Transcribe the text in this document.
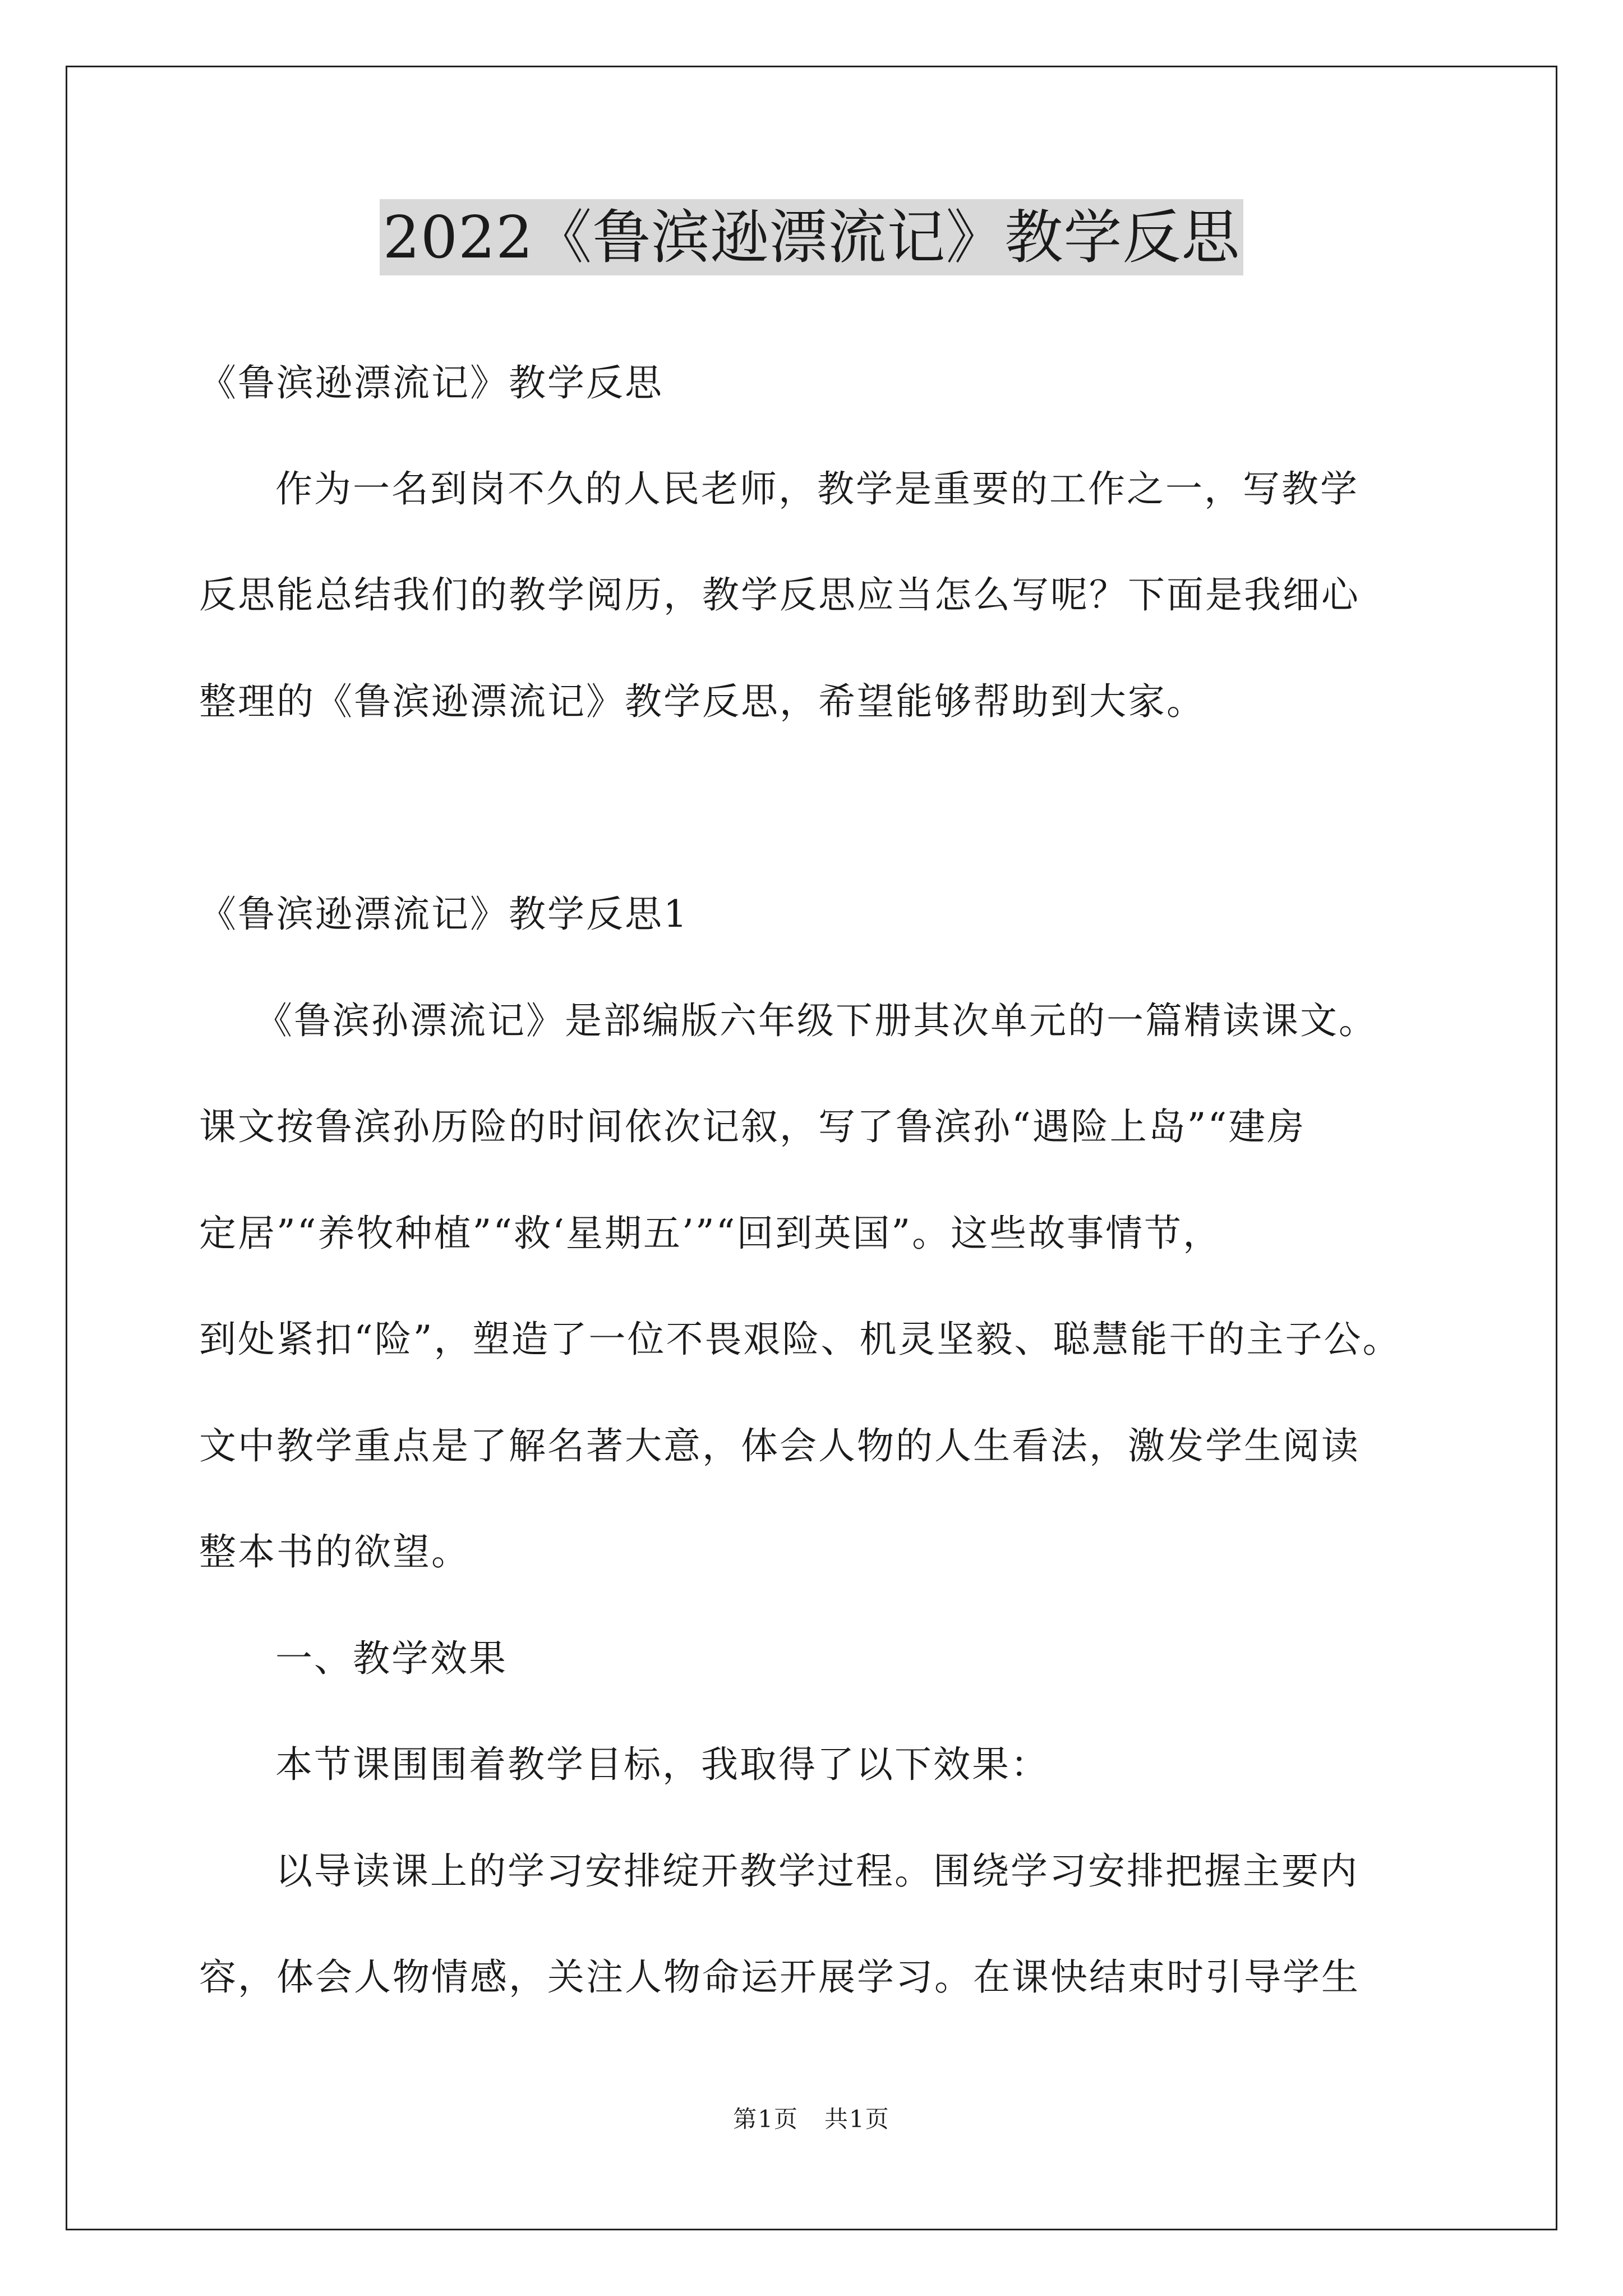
2022《鲁滨逊漂流记》教学反思
《鲁滨逊漂流记》教学反思
作为一名到岗不久的人民老师，教学是重要的工作之一，写教学
反思能总结我们的教学阅历，教学反思应当怎么写呢？下面是我细心
整理的《鲁滨逊漂流记》教学反思，希望能够帮助到大家。
《鲁滨逊漂流记》教学反思1
《鲁滨孙漂流记》是部编版六年级下册其次单元的一篇精读课文。
课文按鲁滨孙历险的时间依次记叙，写了鲁滨孙“遇险上岛”“建房
定居”“养牧种植”“救‘星期五’”“回到英国”。这些故事情节，
到处紧扣“险”，塑造了一位不畏艰险、机灵坚毅、聪慧能干的主子公。
文中教学重点是了解名著大意，体会人物的人生看法，激发学生阅读
整本书的欲望。
一、教学效果
本节课围围着教学目标，我取得了以下效果：
以导读课上的学习安排绽开教学过程。围绕学习安排把握主要内
容，体会人物情感，关注人物命运开展学习。在课快结束时引导学生
第1页   共1页
